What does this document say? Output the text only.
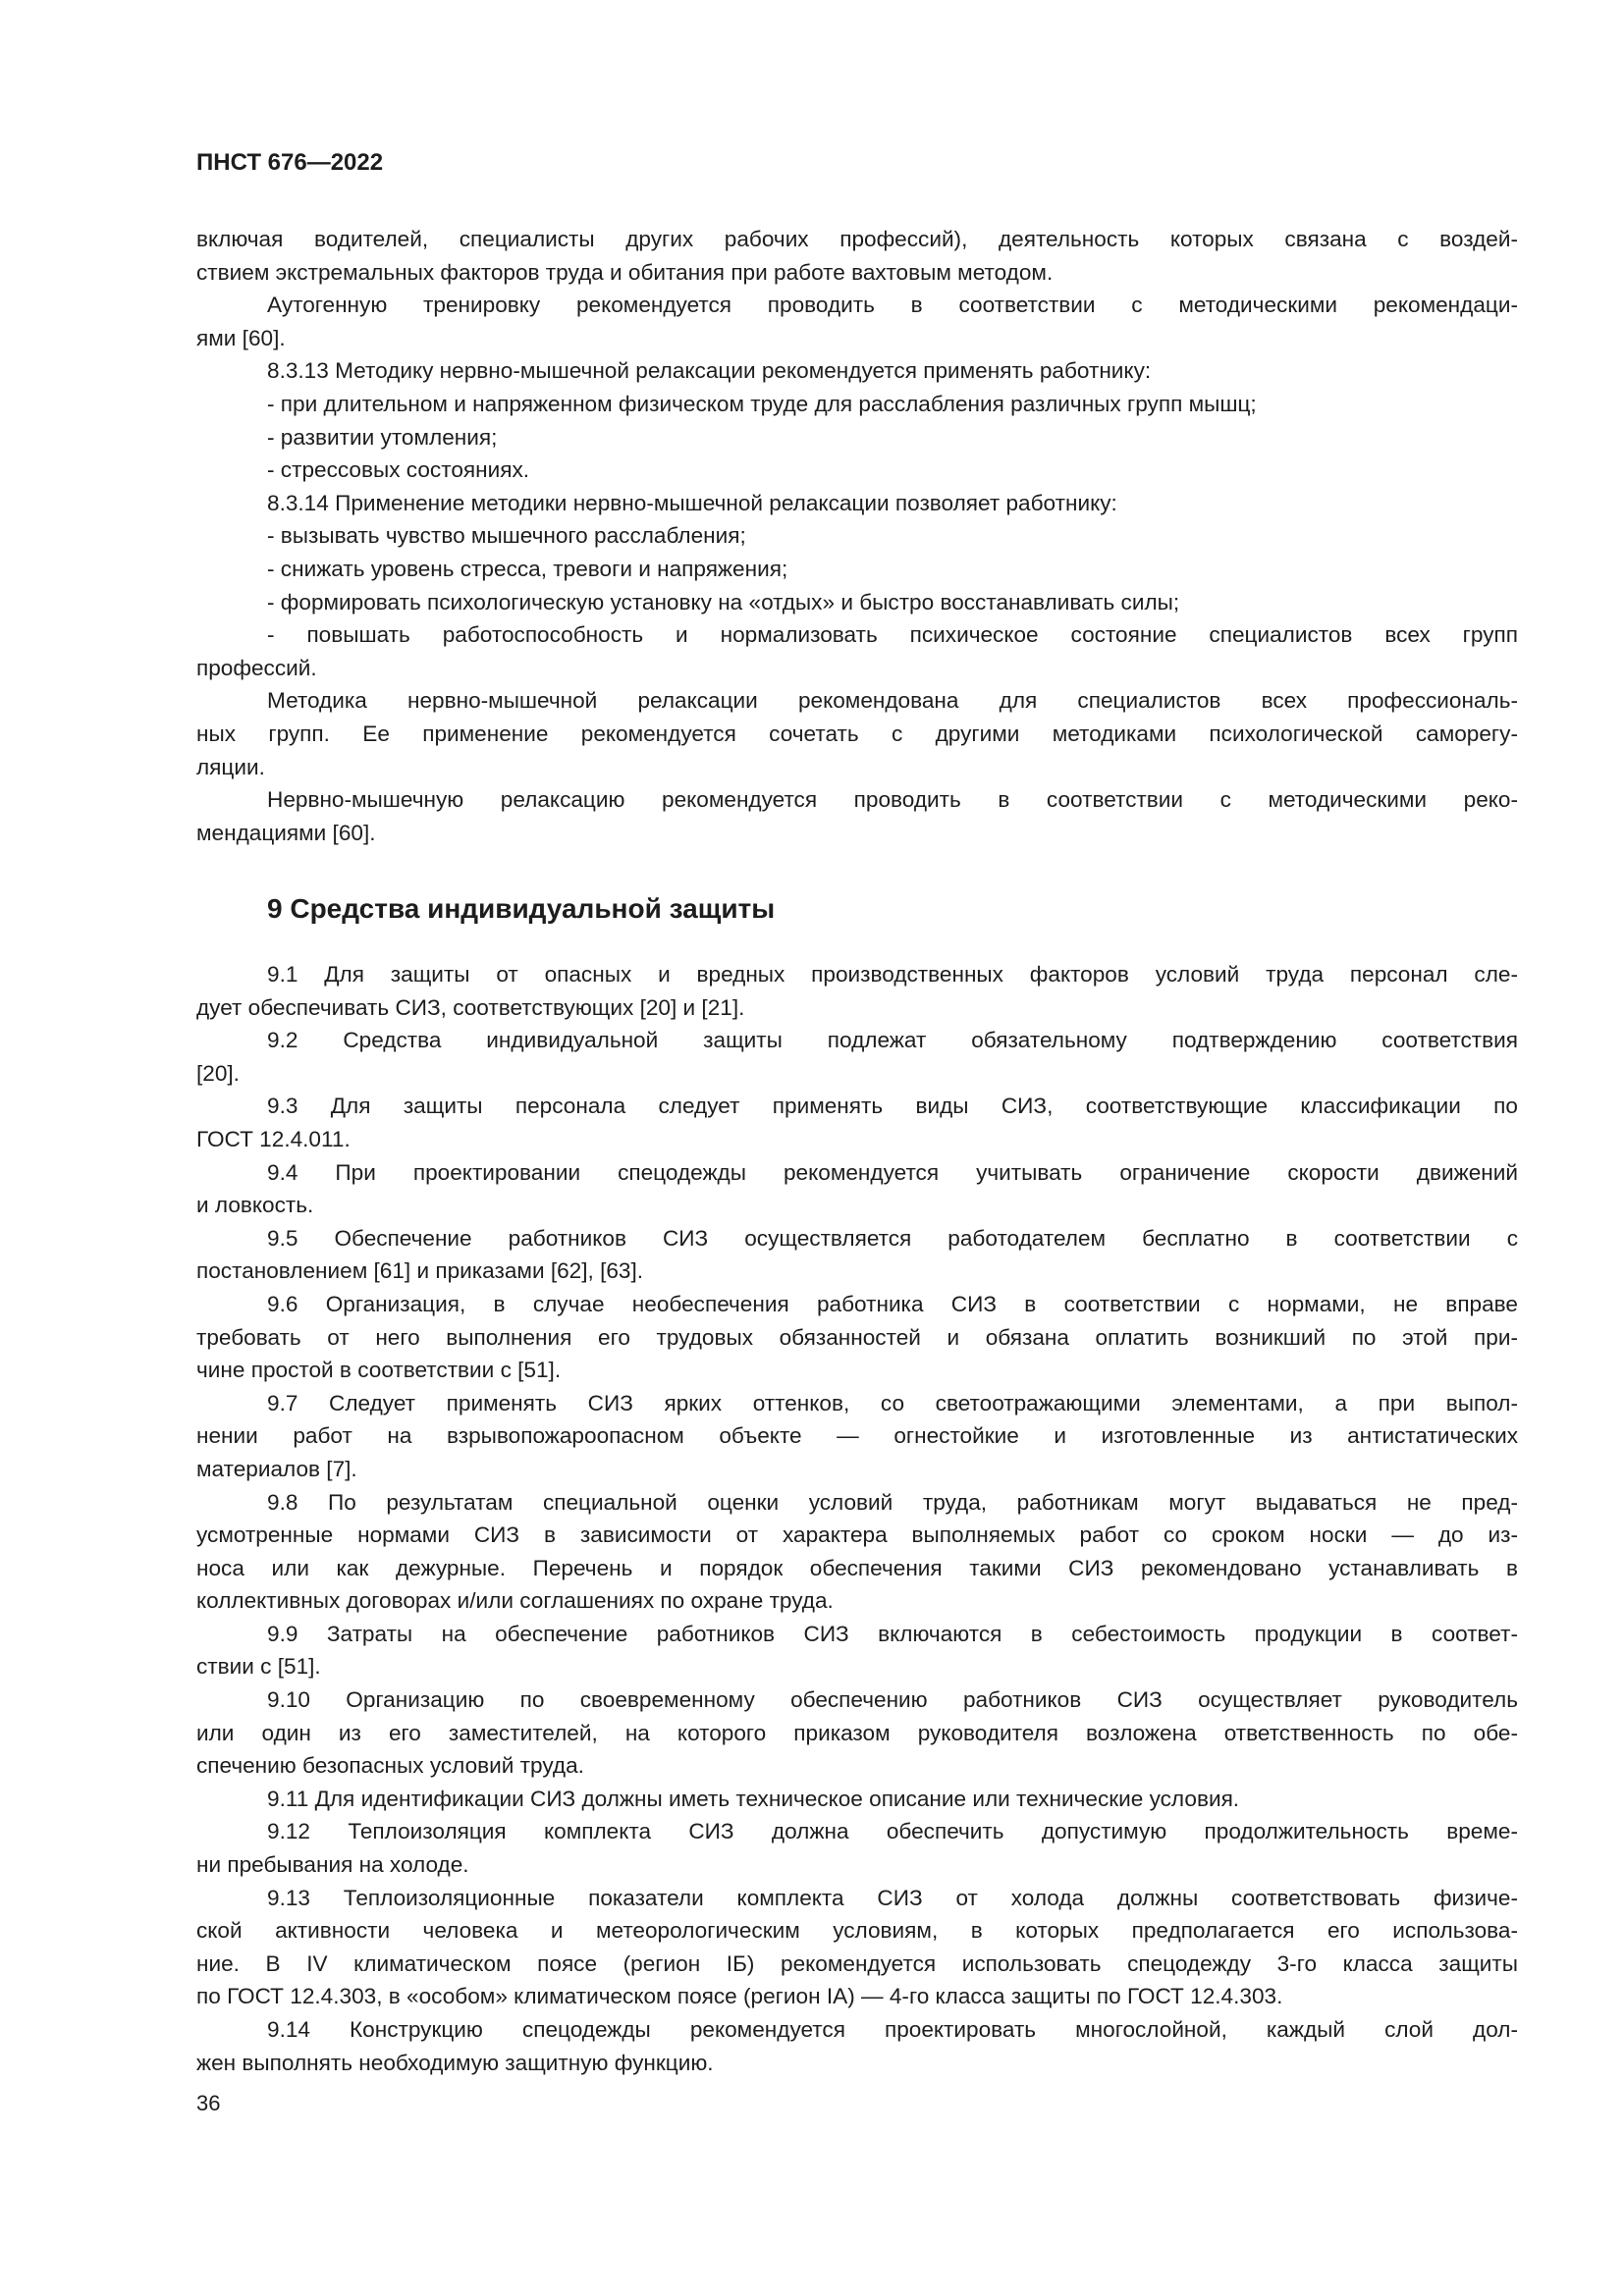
ПНСТ 676—2022
включая водителей, специалисты других рабочих профессий), деятельность которых связана с воздей-
ствием экстремальных факторов труда и обитания при работе вахтовым методом.
Аутогенную тренировку рекомендуется проводить в соответствии с методическими рекомендаци-
ями [60].
8.3.13 Методику нервно-мышечной релаксации рекомендуется применять работнику:
- при длительном и напряженном физическом труде для расслабления различных групп мышц;
- развитии утомления;
- стрессовых состояниях.
8.3.14 Применение методики нервно-мышечной релаксации позволяет работнику:
- вызывать чувство мышечного расслабления;
- снижать уровень стресса, тревоги и напряжения;
- формировать психологическую установку на «отдых» и быстро восстанавливать силы;
- повышать работоспособность и нормализовать психическое состояние специалистов всех групп
профессий.
Методика нервно-мышечной релаксации рекомендована для специалистов всех профессиональ-
ных групп. Ее применение рекомендуется сочетать с другими методиками психологической саморегу-
ляции.
Нервно-мышечную релаксацию рекомендуется проводить в соответствии с методическими реко-
мендациями [60].
9 Средства индивидуальной защиты
9.1 Для защиты от опасных и вредных производственных факторов условий труда персонал сле-
дует обеспечивать СИЗ, соответствующих [20] и [21].
9.2 Средства индивидуальной защиты подлежат обязательному подтверждению соответствия
[20].
9.3 Для защиты персонала следует применять виды СИЗ, соответствующие классификации по
ГОСТ 12.4.011.
9.4 При проектировании спецодежды рекомендуется учитывать ограничение скорости движений
и ловкость.
9.5 Обеспечение работников СИЗ осуществляется работодателем бесплатно в соответствии с
постановлением [61] и приказами [62], [63].
9.6 Организация, в случае необеспечения работника СИЗ в соответствии с нормами, не вправе
требовать от него выполнения его трудовых обязанностей и обязана оплатить возникший по этой при-
чине простой в соответствии с [51].
9.7 Следует применять СИЗ ярких оттенков, со светоотражающими элементами, а при выпол-
нении работ на взрывопожароопасном объекте — огнестойкие и изготовленные из антистатических
материалов [7].
9.8 По результатам специальной оценки условий труда, работникам могут выдаваться не пред-
усмотренные нормами СИЗ в зависимости от характера выполняемых работ со сроком носки — до из-
носа или как дежурные. Перечень и порядок обеспечения такими СИЗ рекомендовано устанавливать в
коллективных договорах и/или соглашениях по охране труда.
9.9 Затраты на обеспечение работников СИЗ включаются в себестоимость продукции в соответ-
ствии с [51].
9.10 Организацию по своевременному обеспечению работников СИЗ осуществляет руководитель
или один из его заместителей, на которого приказом руководителя возложена ответственность по обе-
спечению безопасных условий труда.
9.11 Для идентификации СИЗ должны иметь техническое описание или технические условия.
9.12 Теплоизоляция комплекта СИЗ должна обеспечить допустимую продолжительность време-
ни пребывания на холоде.
9.13 Теплоизоляционные показатели комплекта СИЗ от холода должны соответствовать физиче-
ской активности человека и метеорологическим условиям, в которых предполагается его использова-
ние. В IV климатическом поясе (регион IБ) рекомендуется использовать спецодежду 3-го класса защиты
по ГОСТ 12.4.303, в «особом» климатическом поясе (регион IА) — 4-го класса защиты по ГОСТ 12.4.303.
9.14 Конструкцию спецодежды рекомендуется проектировать многослойной, каждый слой дол-
жен выполнять необходимую защитную функцию.
36
